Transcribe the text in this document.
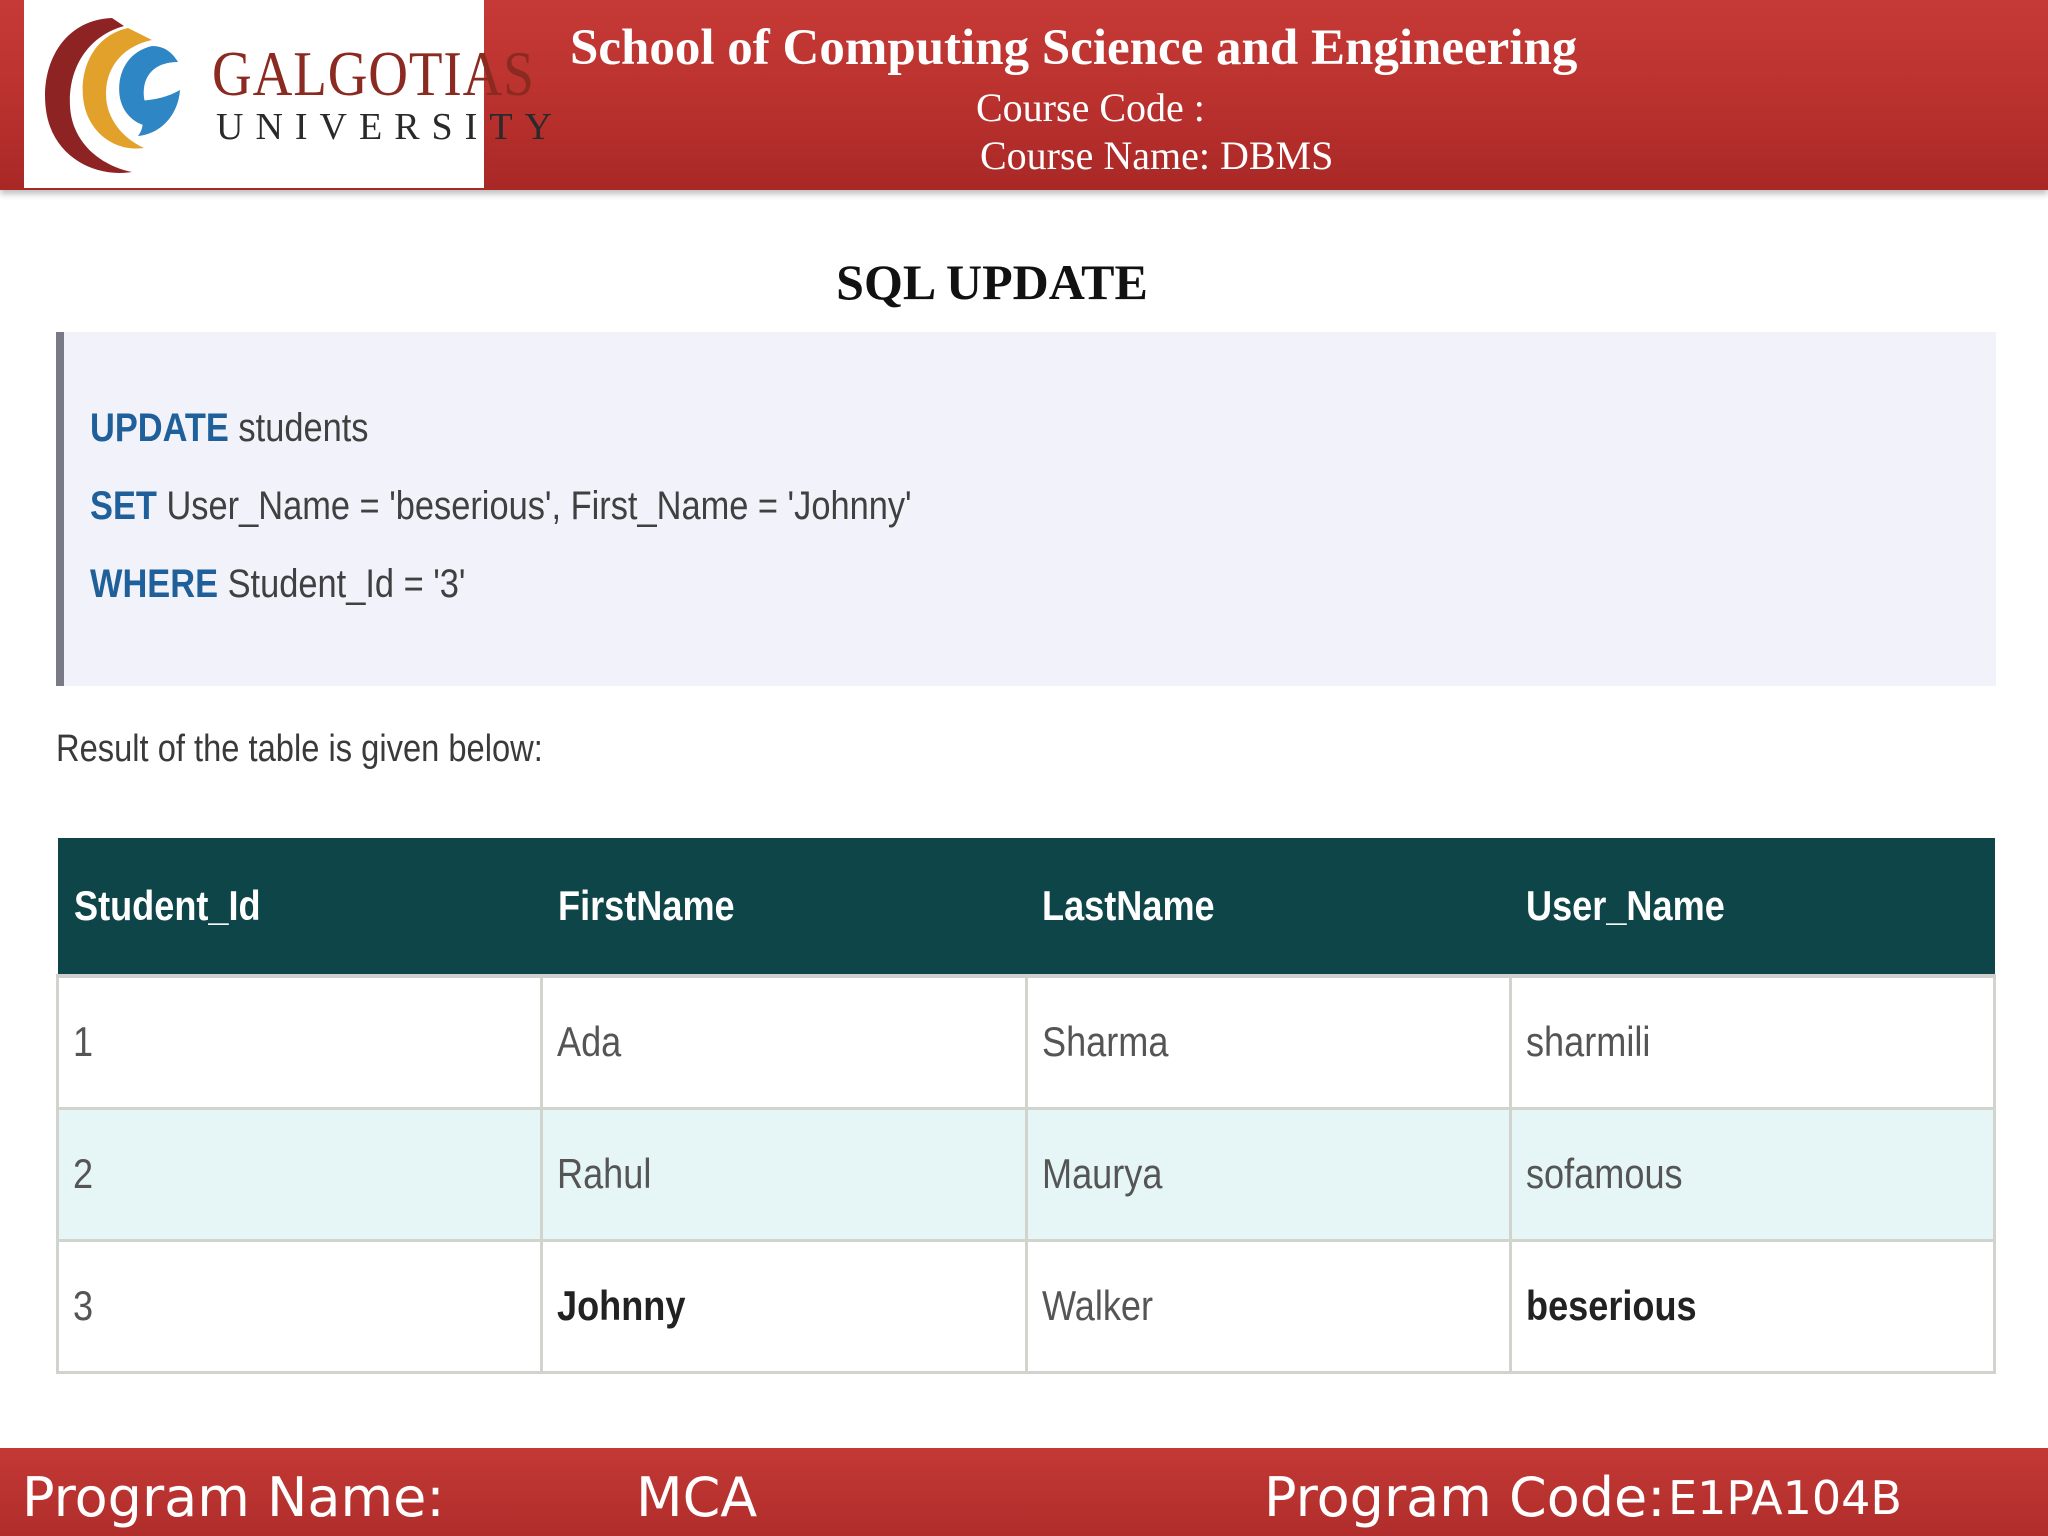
GALGOTIAS
UNIVERSITY
School of Computing Science and Engineering
Course Code :
Course Name: DBMS
SQL UPDATE
UPDATE students
SET User_Name = 'beserious', First_Name = 'Johnny'
WHERE Student_Id = '3'
Result of the table is given below:
Student_Id	FirstName	LastName	User_Name
1	Ada	Sharma	sharmili
2	Rahul	Maurya	sofamous
3	Johnny	Walker	beserious
Program Name:	MCA	Program Code: E1PA104B
